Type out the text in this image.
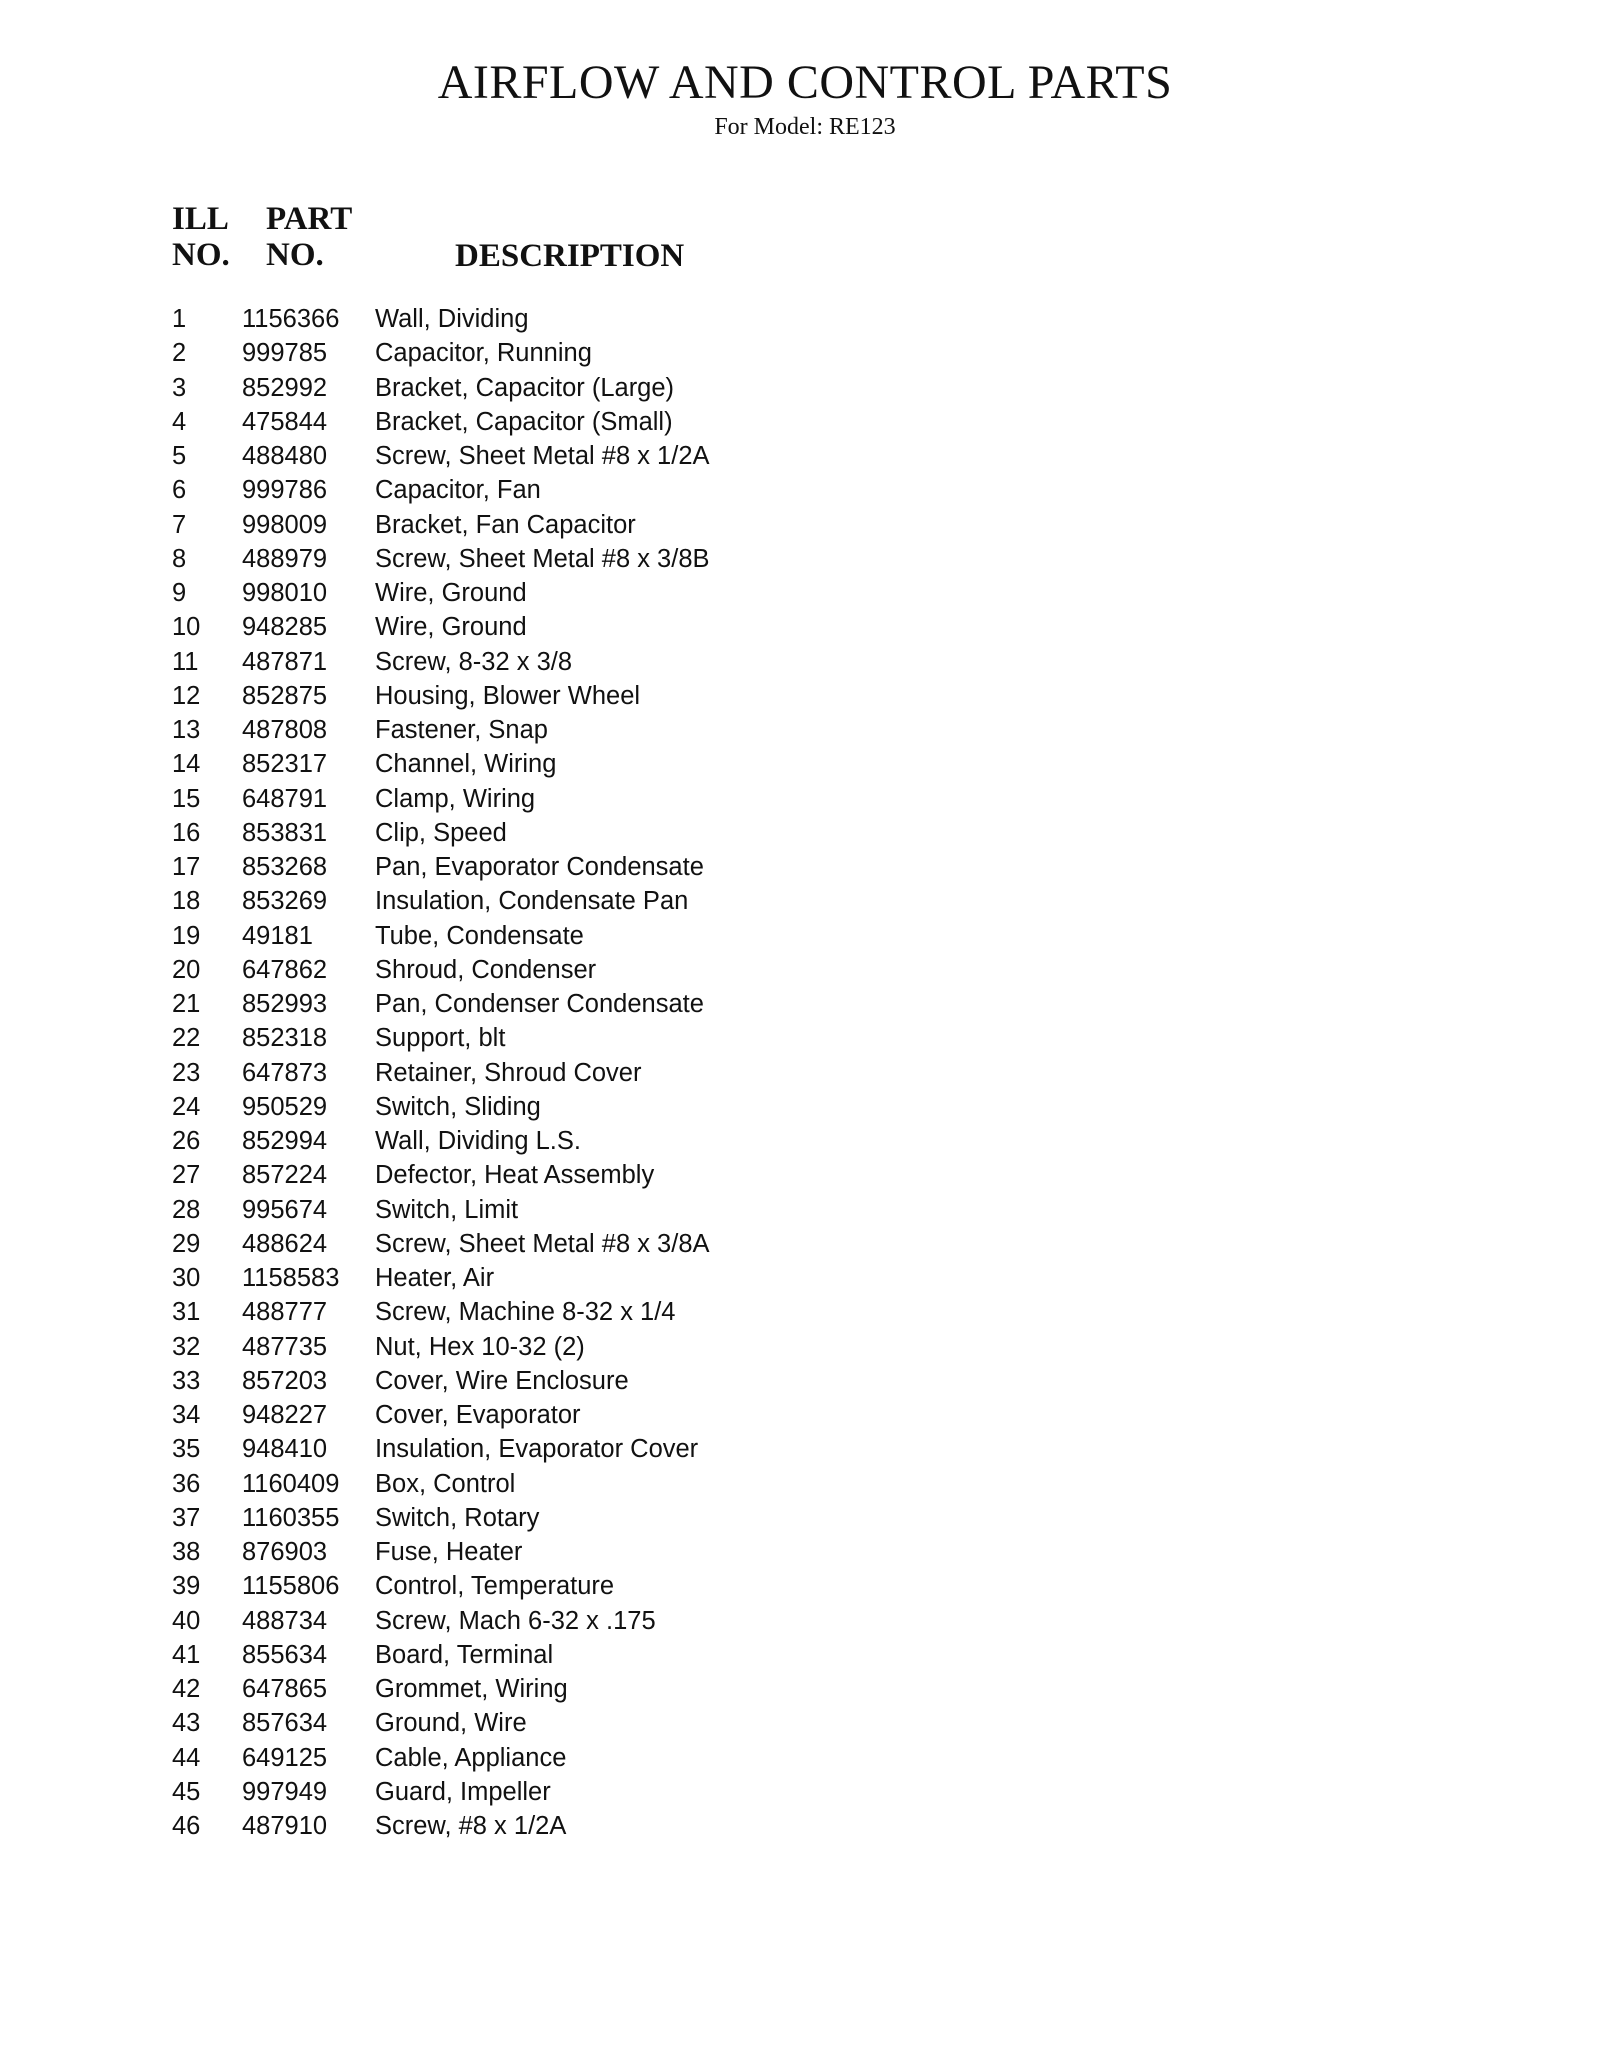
AIRFLOW AND CONTROL PARTS
For Model: RE123
ILL
NO.
PART
NO.	DESCRIPTION
1 1156366 Wall, Dividing
2 999785 Capacitor, Running
3 852992 Bracket, Capacitor (Large)
4 475844 Bracket, Capacitor (Small)
5 488480 Screw, Sheet Metal #8 x 1/2A
6 999786 Capacitor, Fan
7 998009 Bracket, Fan Capacitor
8 488979 Screw, Sheet Metal #8 x 3/8B
9 998010 Wire, Ground
10 948285 Wire, Ground
11 487871 Screw, 8-32 x 3/8
12 852875 Housing, Blower Wheel
13 487808 Fastener, Snap
14 852317 Channel, Wiring
15 648791 Clamp, Wiring
16 853831 Clip, Speed
17 853268 Pan, Evaporator Condensate
18 853269 Insulation, Condensate Pan
19 49181 Tube, Condensate
20 647862 Shroud, Condenser
21 852993 Pan, Condenser Condensate
22 852318 Support, blt
23 647873 Retainer, Shroud Cover
24 950529 Switch, Sliding
26 852994 Wall, Dividing L.S.
27 857224 Defector, Heat Assembly
28 995674 Switch, Limit
29 488624 Screw, Sheet Metal #8 x 3/8A
30 1158583 Heater, Air
31 488777 Screw, Machine 8-32 x 1/4
32 487735 Nut, Hex 10-32 (2)
33 857203 Cover, Wire Enclosure
34 948227 Cover, Evaporator
35 948410 Insulation, Evaporator Cover
36 1160409 Box, Control
37 1160355 Switch, Rotary
38 876903 Fuse, Heater
39 1155806 Control, Temperature
40 488734 Screw, Mach 6-32 x .175
41 855634 Board, Terminal
42 647865 Grommet, Wiring
43 857634 Ground, Wire
44 649125 Cable, Appliance
45 997949 Guard, Impeller
46 487910 Screw, #8 x 1/2A
